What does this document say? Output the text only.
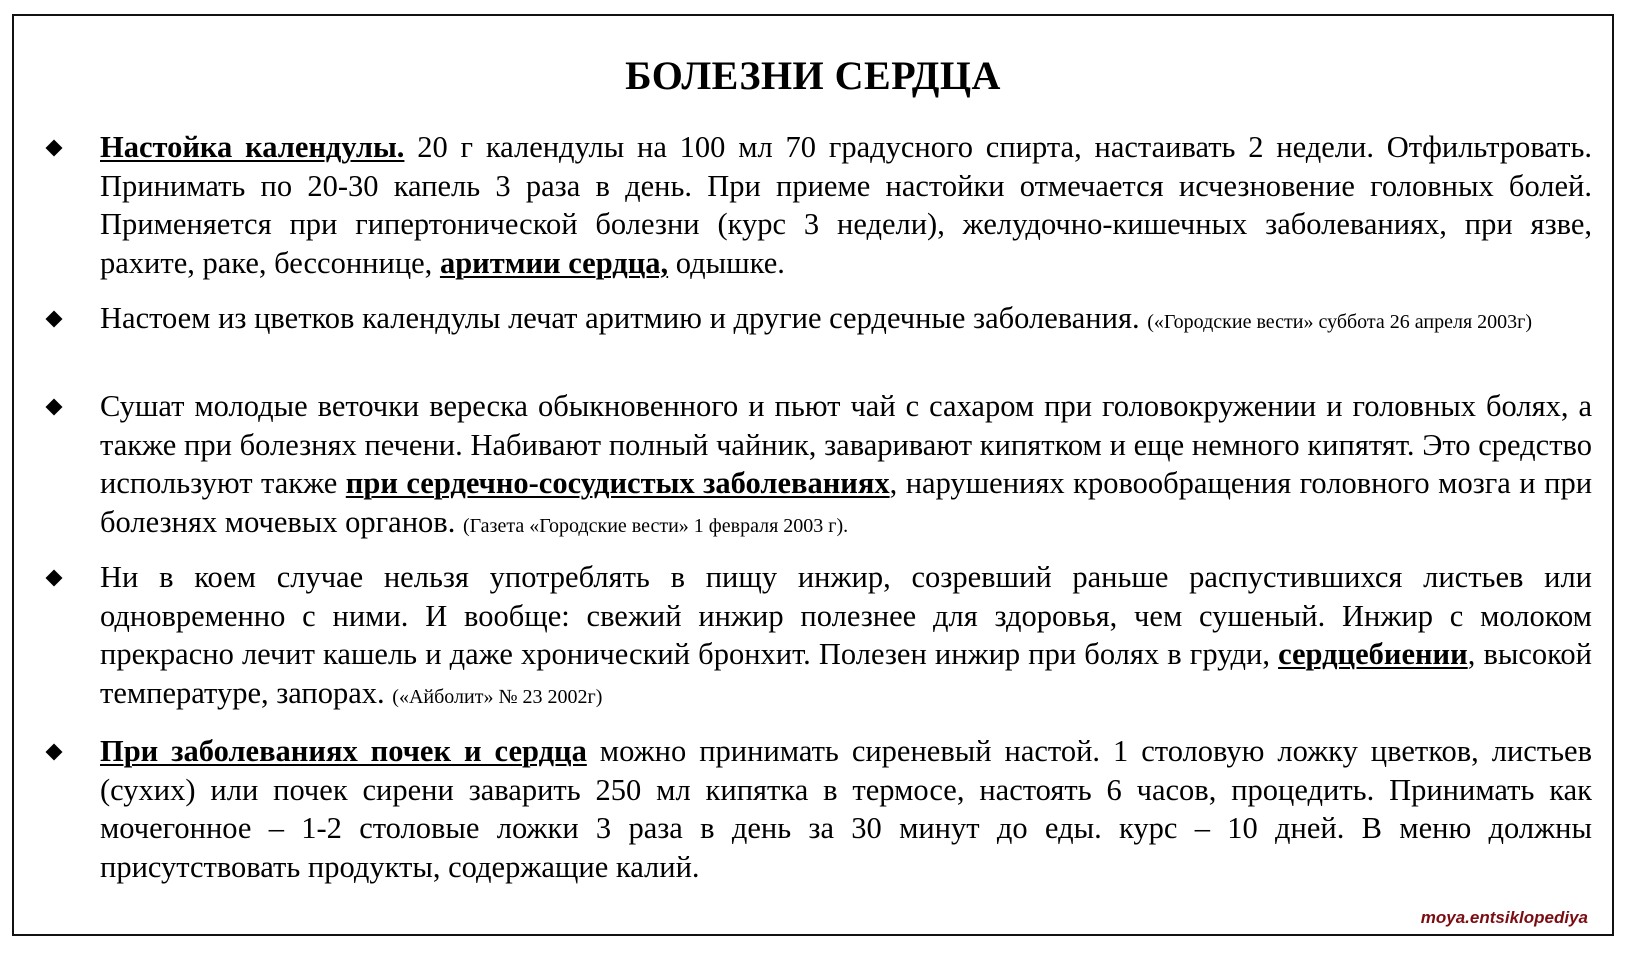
БОЛЕЗНИ СЕРДЦА

Настойка календулы. 20 г календулы на 100 мл 70 градусного спирта, настаивать 2 недели. Отфильтровать. Принимать по 20-30 капель 3 раза в день. При приеме настойки отмечается исчезновение головных болей. Применяется при гипертонической болезни (курс 3 недели), желудочно-кишечных заболеваниях, при язве, рахите, раке, бессоннице, аритмии сердца, одышке.

Настоем из цветков календулы лечат аритмию и другие сердечные заболевания. («Городские вести» суббота 26 апреля 2003г)

Сушат молодые веточки вереска обыкновенного и пьют чай с сахаром при головокружении и головных болях, а также при болезнях печени. Набивают полный чайник, заваривают кипятком и еще немного кипятят. Это средство используют также при сердечно-сосудистых заболеваниях, нарушениях кровообращения головного мозга и при болезнях мочевых органов. (Газета «Городские вести» 1 февраля 2003 г).

Ни в коем случае нельзя употреблять в пищу инжир, созревший раньше распустившихся листьев или одновременно с ними. И вообще: свежий инжир полезнее для здоровья, чем сушеный. Инжир с молоком прекрасно лечит кашель и даже хронический бронхит. Полезен инжир при болях в груди, сердцебиении, высокой температуре, запорах. («Айболит» № 23 2002г)

При заболеваниях почек и сердца можно принимать сиреневый настой. 1 столовую ложку цветков, листьев (сухих) или почек сирени заварить 250 мл кипятка в термосе, настоять 6 часов, процедить. Принимать как мочегонное – 1-2 столовые ложки 3 раза в день за 30 минут до еды. курс – 10 дней. В меню должны присутствовать продукты, содержащие калий.

moya.entsiklopediya
